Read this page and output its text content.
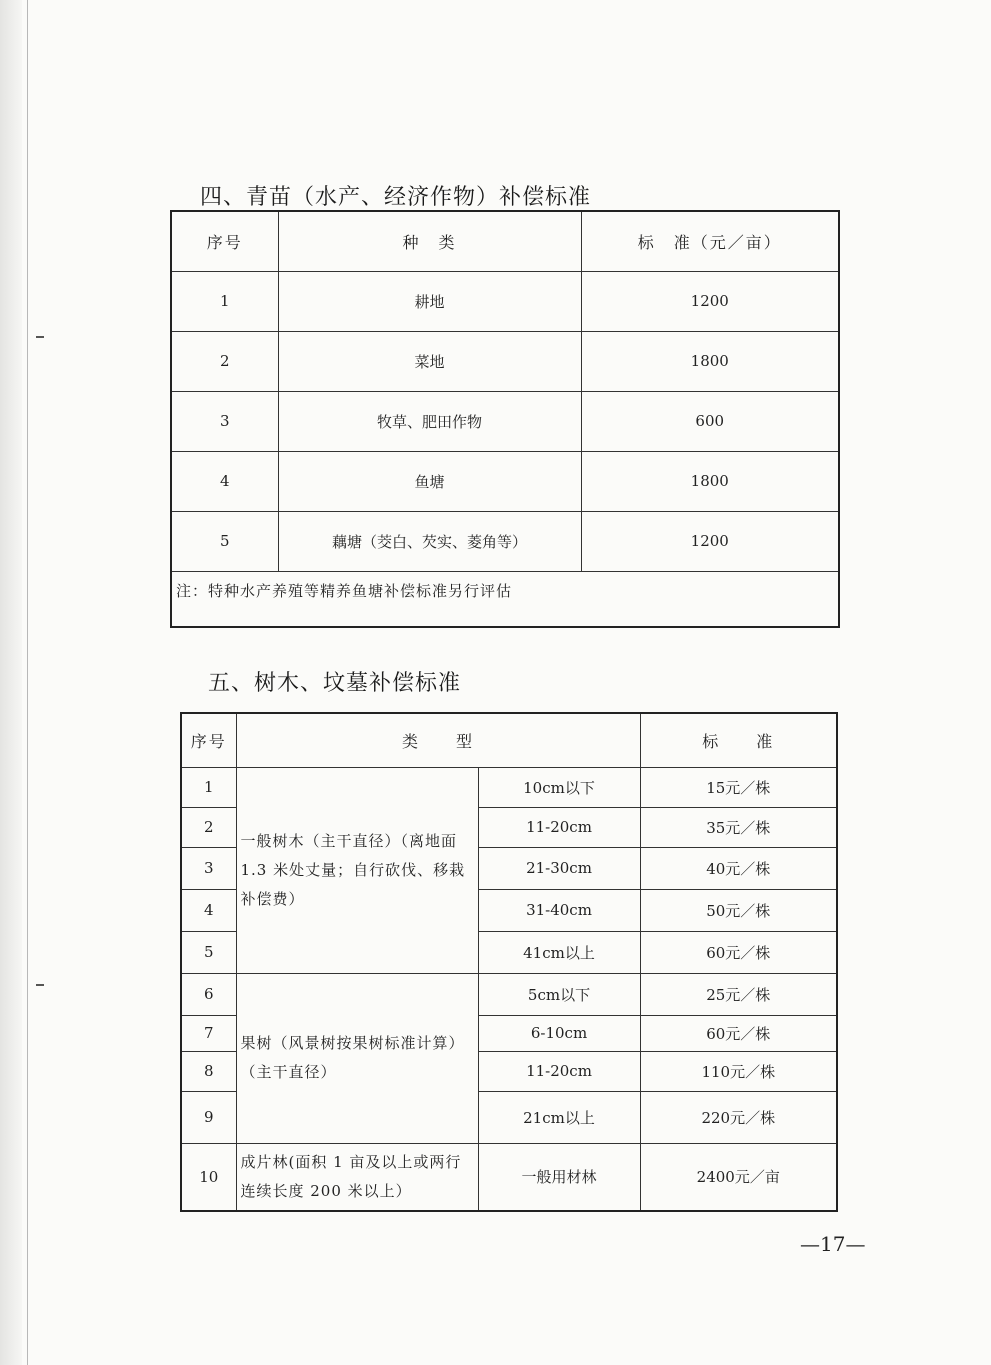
四、青苗（水产、经济作物）补偿标准
序号	种　类	标　准（元／亩）
1	耕地	1200
2	菜地	1800
3	牧草、肥田作物	600
4	鱼塘	1800
5	藕塘（茭白、芡实、菱角等）	1200
注：特种水产养殖等精养鱼塘补偿标准另行评估		
五、树木、坟墓补偿标准
序号	类　　型		标　　准
1	一般树木（主干直径）（离地面 1.3 米处丈量；自行砍伐、移栽补偿费）	10cm以下	15元／株
2		11-20cm	35元／株
3		21-30cm	40元／株
4		31-40cm	50元／株
5		41cm以上	60元／株
6	果树（风景树按果树标准计算）（主干直径）	5cm以下	25元／株
7		6-10cm	60元／株
8		11-20cm	110元／株
9		21cm以上	220元／株
10	成片林(面积 1 亩及以上或两行连续长度 200 米以上）	一般用材林	2400元／亩
—17—
